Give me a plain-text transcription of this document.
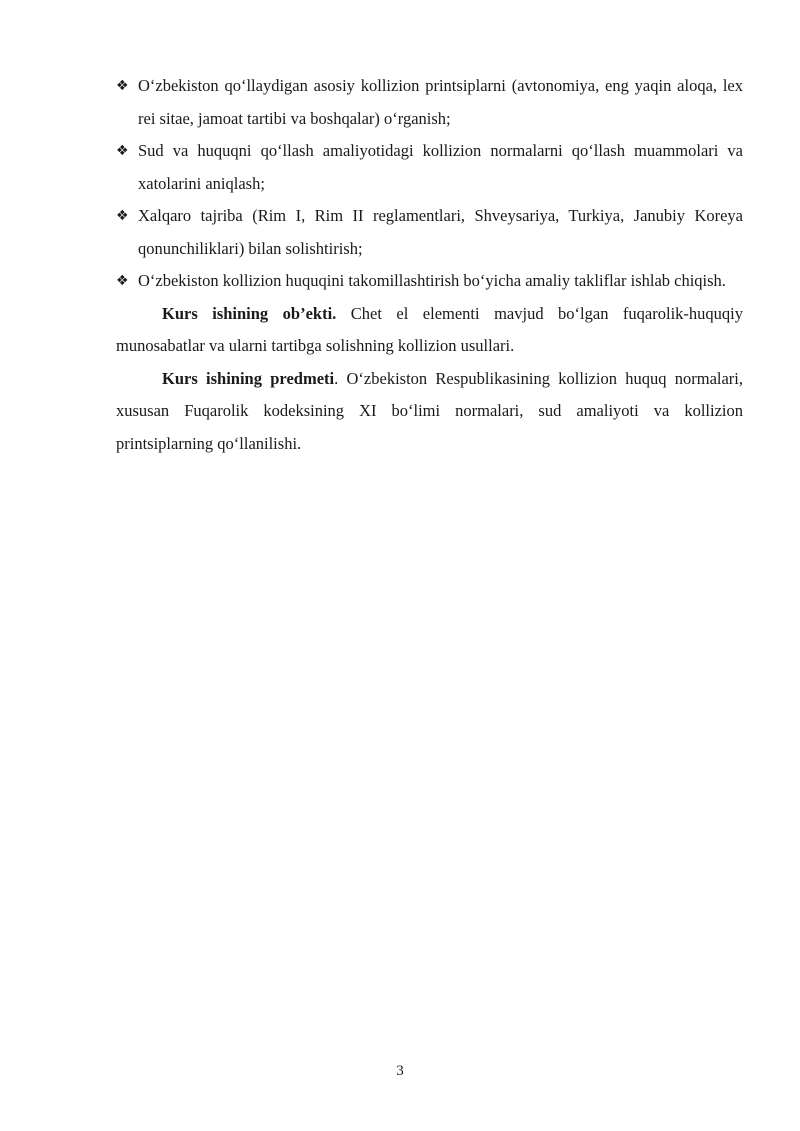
❖ O‘zbekiston qo‘llaydigan asosiy kollizion printsiplarni (avtonomiya, eng yaqin aloqa, lex rei sitae, jamoat tartibi va boshqalar) o‘rganish;
❖ Sud va huquqni qo‘llash amaliyotidagi kollizion normalarni qo‘llash muammolari va xatolarini aniqlash;
❖ Xalqaro tajriba (Rim I, Rim II reglamentlari, Shveysariya, Turkiya, Janubiy Koreya qonunchiliklari) bilan solishtirish;
❖ O‘zbekiston kollizion huquqini takomillashtirish bo‘yicha amaliy takliflar ishlab chiqish.

Kurs ishining ob’ekti. Chet el elementi mavjud bo‘lgan fuqarolik-huquqiy munosabatlar va ularni tartibga solishning kollizion usullari.

Kurs ishining predmeti. O‘zbekiston Respublikasining kollizion huquq normalari, xususan Fuqarolik kodeksining XI bo‘limi normalari, sud amaliyoti va kollizion printsiplarning qo‘llanilishi.

3
